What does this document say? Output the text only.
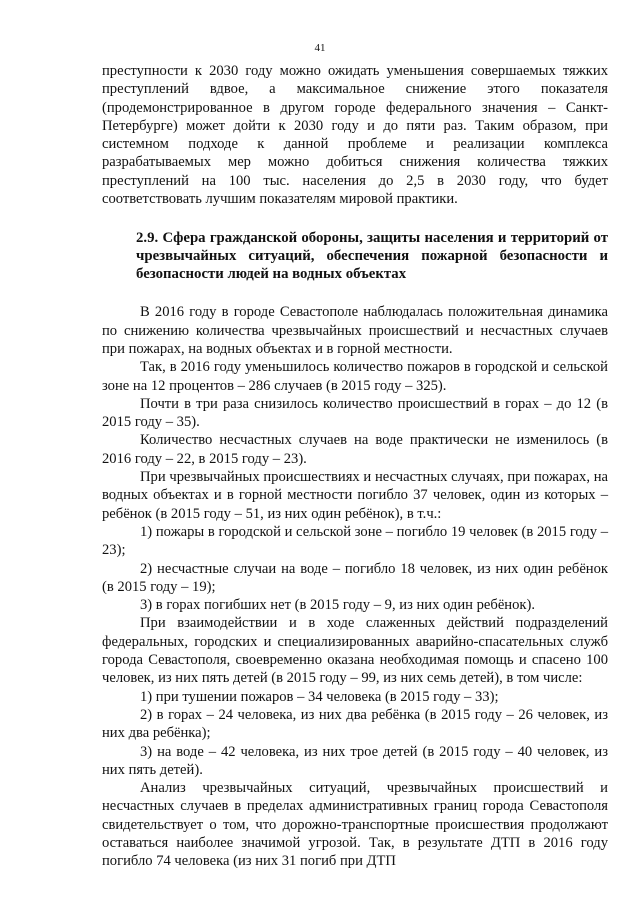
41

преступности к 2030 году можно ожидать уменьшения совершаемых тяжких преступлений вдвое, а максимальное снижение этого показателя (продемонстрированное в другом городе федерального значения – Санкт-Петербурге) может дойти к 2030 году и до пяти раз. Таким образом, при системном подходе к данной проблеме и реализации комплекса разрабатываемых мер можно добиться снижения количества тяжких преступлений на 100 тыс. населения до 2,5 в 2030 году, что будет соответствовать лучшим показателям мировой практики.

2.9. Сфера гражданской обороны, защиты населения и территорий от чрезвычайных ситуаций, обеспечения пожарной безопасности и безопасности людей на водных объектах

В 2016 году в городе Севастополе наблюдалась положительная динамика по снижению количества чрезвычайных происшествий и несчастных случаев при пожарах, на водных объектах и в горной местности.

Так, в 2016 году уменьшилось количество пожаров в городской и сельской зоне на 12 процентов – 286 случаев (в 2015 году – 325).

Почти в три раза снизилось количество происшествий в горах – до 12 (в 2015 году – 35).

Количество несчастных случаев на воде практически не изменилось (в 2016 году – 22, в 2015 году – 23).

При чрезвычайных происшествиях и несчастных случаях, при пожарах, на водных объектах и в горной местности погибло 37 человек, один из которых – ребёнок (в 2015 году – 51, из них один ребёнок), в т.ч.:

1) пожары в городской и сельской зоне – погибло 19 человек (в 2015 году – 23);

2) несчастные случаи на воде – погибло 18 человек, из них один ребёнок (в 2015 году – 19);

3) в горах погибших нет (в 2015 году – 9, из них один ребёнок).

При взаимодействии и в ходе слаженных действий подразделений федеральных, городских и специализированных аварийно-спасательных служб города Севастополя, своевременно оказана необходимая помощь и спасено 100 человек, из них пять детей (в 2015 году – 99, из них семь детей), в том числе:

1) при тушении пожаров – 34 человека (в 2015 году – 33);

2) в горах – 24 человека, из них два ребёнка (в 2015 году – 26 человек, из них два ребёнка);

3) на воде – 42 человека, из них трое детей (в 2015 году – 40 человек, из них пять детей).

Анализ чрезвычайных ситуаций, чрезвычайных происшествий и несчастных случаев в пределах административных границ города Севастополя свидетельствует о том, что дорожно-транспортные происшествия продолжают оставаться наиболее значимой угрозой. Так, в результате ДТП в 2016 году погибло 74 человека (из них 31 погиб при ДТП
